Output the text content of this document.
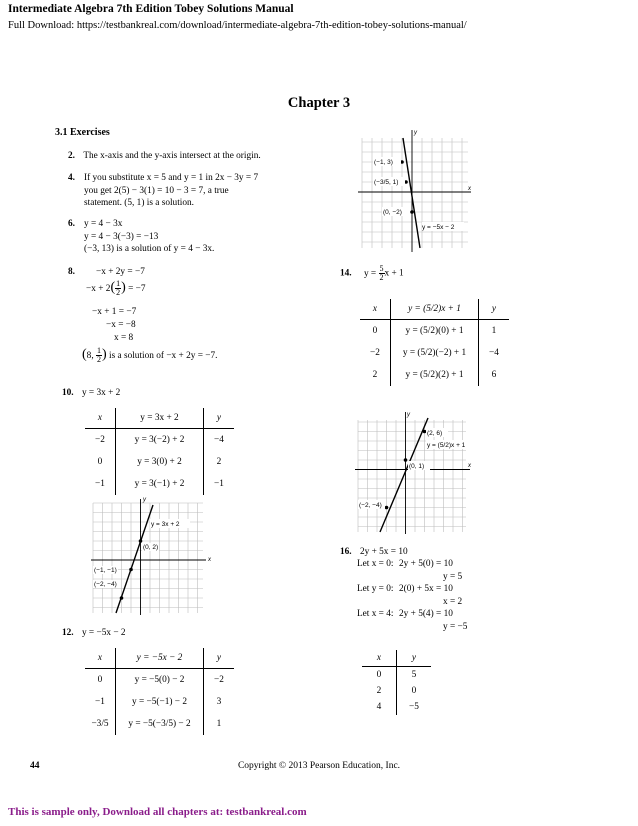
Intermediate Algebra 7th Edition Tobey Solutions Manual
Full Download: https://testbankreal.com/download/intermediate-algebra-7th-edition-tobey-solutions-manual/
Chapter 3
3.1 Exercises
2. The x-axis and the y-axis intersect at the origin.
4. If you substitute x = 5 and y = 1 in 2x − 3y = 7
you get 2(5) − 3(1) = 10 − 3 = 7, a true
statement. (5, 1) is a solution.
6. y = 4 − 3x
y = 4 − 3(−3) = −13
(−3, 13) is a solution of y = 4 − 3x.
8. −x + 2y = −7
$-x + 2( \frac{1}{2}$ ) = −7
−x + 1 = −7
−x = −8
x = 8
(8, $\frac{1}{2}$ ) is a solution of −x + 2y = −7.
10. y = 3x + 2
x	y = 3x + 2	y
−2	y = 3(−2) + 2	−4
0	y = 3(0) + 2	2
−1	y = 3(−1) + 2	−1
y
x
y = 3x + 2
(0, 2)
(−1, −1)
(−2, −4)
12. y = −5x − 2
x	y = −5x − 2	y
0	y = −5(0) − 2	−2
−1	y = −5(−1) − 2	3
−3/5	y = −5(−3/5) − 2	1
y
x
(−1, 3)
(−3/5, 1)
(0, −2)
y = −5x − 2
14. $y = \frac{5}{2}$ x + 1
x	y = (5/2)x + 1	y
0	y = (5/2)(0) + 1	1
−2	y = (5/2)(−2) + 1	−4
2	y = (5/2)(2) + 1	6
y
x
(2, 6)
y = (5/2)x + 1
(0, 1)
(−2, −4)
16. 2y + 5x = 10
Let x = 0: 2y + 5(0) = 10
y = 5
Let y = 0: 2(0) + 5x = 10
x = 2
Let x = 4: 2y + 5(4) = 10
y = −5
x	y
0	5
2	0
4	−5
44	Copyright © 2013 Pearson Education, Inc.
This is sample only, Download all chapters at: testbankreal.com
